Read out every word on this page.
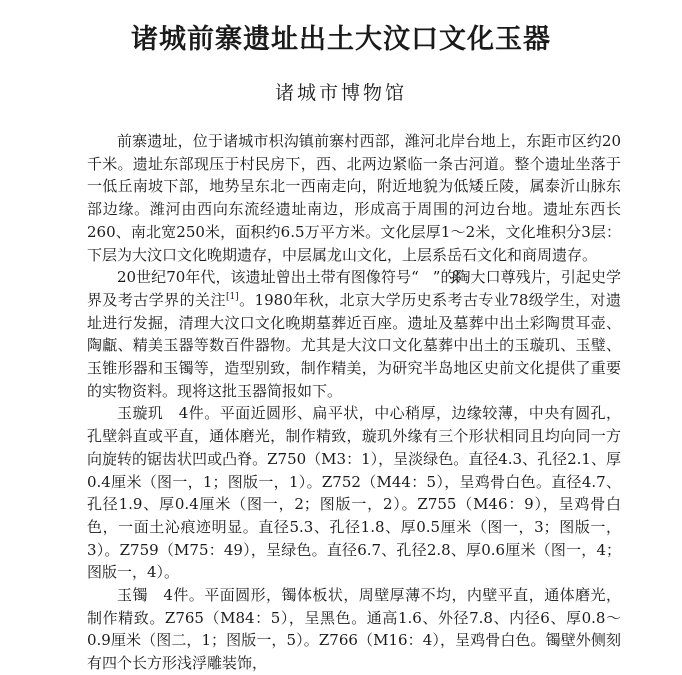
诸城前寨遗址出土大汶口文化玉器
诸城市博物馆

前寨遗址，位于诸城市枳沟镇前寨村西部，潍河北岸台地上，东距市区约20千米。遗址东部现压于村民房下，西、北两边紧临一条古河道。整个遗址坐落于一低丘南坡下部，地势呈东北一西南走向，附近地貌为低矮丘陵，属泰沂山脉东部边缘。潍河由西向东流经遗址南边，形成高于周围的河边台地。遗址东西长260、南北宽250米，面积约6.5万平方米。文化层厚1～2米，文化堆积分3层：下层为大汶口文化晚期遗存，中层属龙山文化，上层系岳石文化和商周遗存。

20世纪70年代，该遗址曾出土带有图像符号“ ”的陶大口尊残片，引起史学界及考古学界的关注[1]。1980年秋，北京大学历史系考古专业78级学生，对遗址进行发掘，清理大汶口文化晚期墓葬近百座。遗址及墓葬中出土彩陶贯耳壶、陶甗、精美玉器等数百件器物。尤其是大汶口文化墓葬中出土的玉璇玑、玉璧、玉锥形器和玉镯等，造型别致，制作精美，为研究半岛地区史前文化提供了重要的实物资料。现将这批玉器简报如下。

玉璇玑　4件。平面近圆形、扁平状，中心稍厚，边缘较薄，中央有圆孔，孔壁斜直或平直，通体磨光，制作精致，璇玑外缘有三个形状相同且均向同一方向旋转的锯齿状凹或凸脊。Z750（M3：1），呈淡绿色。直径4.3、孔径2.1、厚0.4厘米（图一，1；图版一，1）。Z752（M44：5），呈鸡骨白色。直径4.7、孔径1.9、厚0.4厘米（图一，2；图版一，2）。Z755（M46：9），呈鸡骨白色，一面土沁痕迹明显。直径5.3、孔径1.8、厚0.5厘米（图一，3；图版一，3）。Z759（M75：49），呈绿色。直径6.7、孔径2.8、厚0.6厘米（图一，4；图版一，4）。

玉镯　4件。平面圆形，镯体板状，周壁厚薄不均，内壁平直，通体磨光，制作精致。Z765（M84：5），呈黑色。通高1.6、外径7.8、内径6、厚0.8～0.9厘米（图二，1；图版一，5）。Z766（M16：4），呈鸡骨白色。镯壁外侧刻有四个长方形浅浮雕装饰，
